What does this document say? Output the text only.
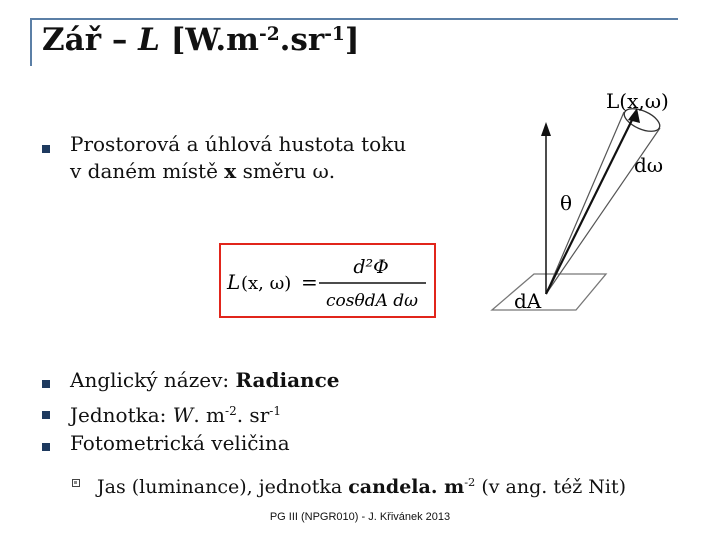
Zář – L $[W.m^{-2}.sr^{-1}]$
Prostorová a úhlová hustota toku
v daném místě x směru ω.
L (x, ω) =
d²Φ
cosθdA dω
L(x,ω)
dω
θ
dA
Anglický název: Radiance
Jednotka: W. $m^{-2}$. $sr^{-1}$
Fotometrická veličina
Jas (luminance), jednotka candela. $m^{-2}$ (v ang. též Nit)
PG III (NPGR010) - J. Křivánek 2013
